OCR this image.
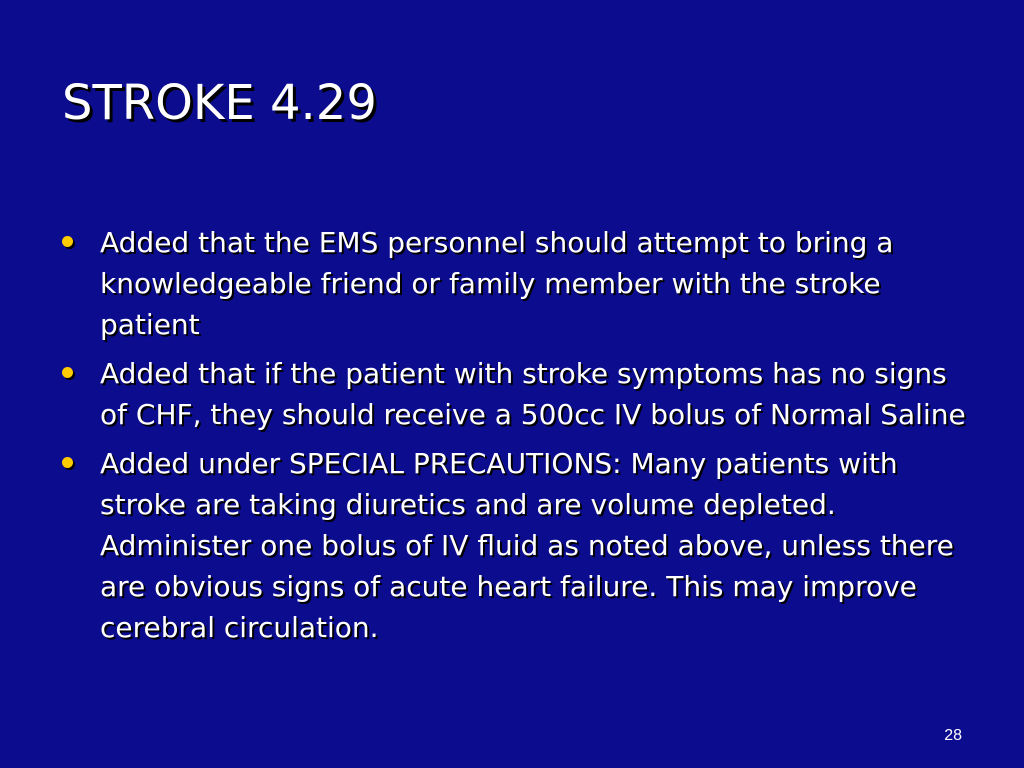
STROKE 4.29
Added that the EMS personnel should attempt to bring a knowledgeable friend or family member with the stroke patient
Added that if the patient with stroke symptoms has no signs of CHF, they should receive a 500cc IV bolus of Normal Saline
Added under SPECIAL PRECAUTIONS: Many patients with stroke are taking diuretics and are volume depleted. Administer one bolus of IV fluid as noted above, unless there are obvious signs of acute heart failure. This may improve cerebral circulation.
28
